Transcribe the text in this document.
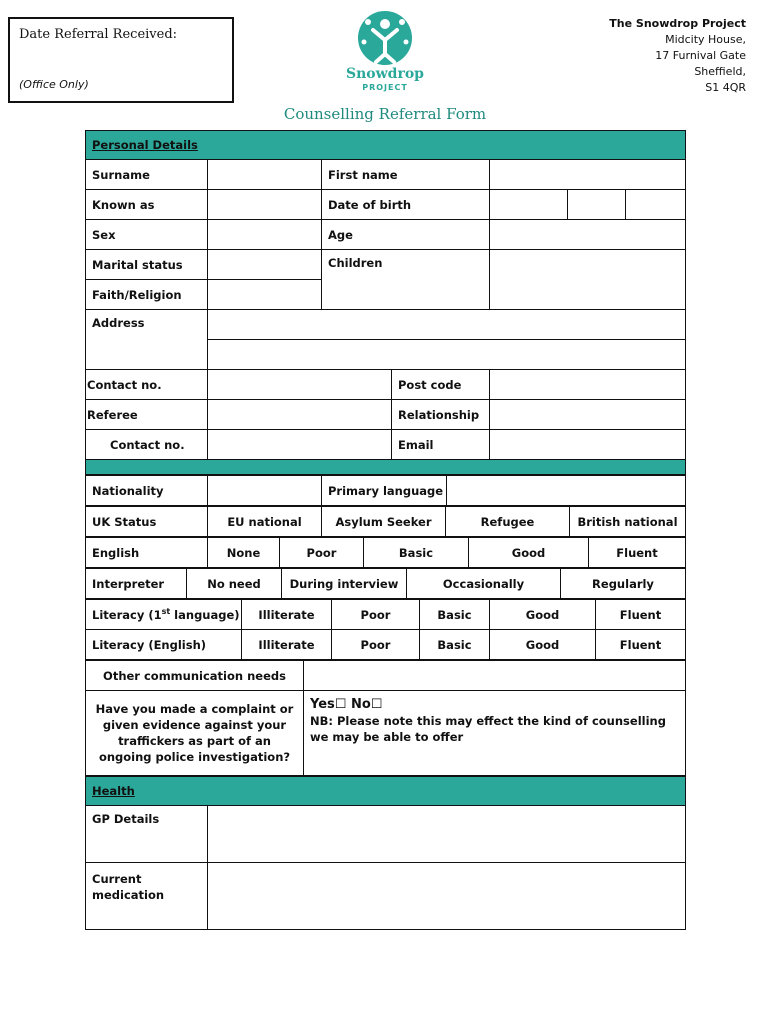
Date Referral Received:
(Office Only)
Snowdrop
PROJECT
The Snowdrop Project
Midcity House,
17 Furnival Gate
Sheffield,
S1 4QR
Counselling Referral Form
Personal Details						
Surname		First name				
Known as		Date of birth				
Sex		Age				
Marital status		Children				
Faith/Religion						
Address						

Contact no.			Post code			
Referee			Relationship			
Contact no.			Email			

Nationality		Primary language	
UK Status	EU national	Asylum Seeker	Refugee	British national
English	None	Poor	Basic	Good	Fluent
Interpreter	No need	During interview	Occasionally	Regularly
Literacy (1st language)	Illiterate	Poor	Basic	Good	Fluent
Literacy (English)	Illiterate	Poor	Basic	Good	Fluent
Other communication needs	
Have you made a complaint or given evidence against your traffickers as part of an ongoing police investigation?	Yes☐ No☐
NB: Please note this may effect the kind of counselling we may be able to offer
Health	
GP Details	
Current medication	
